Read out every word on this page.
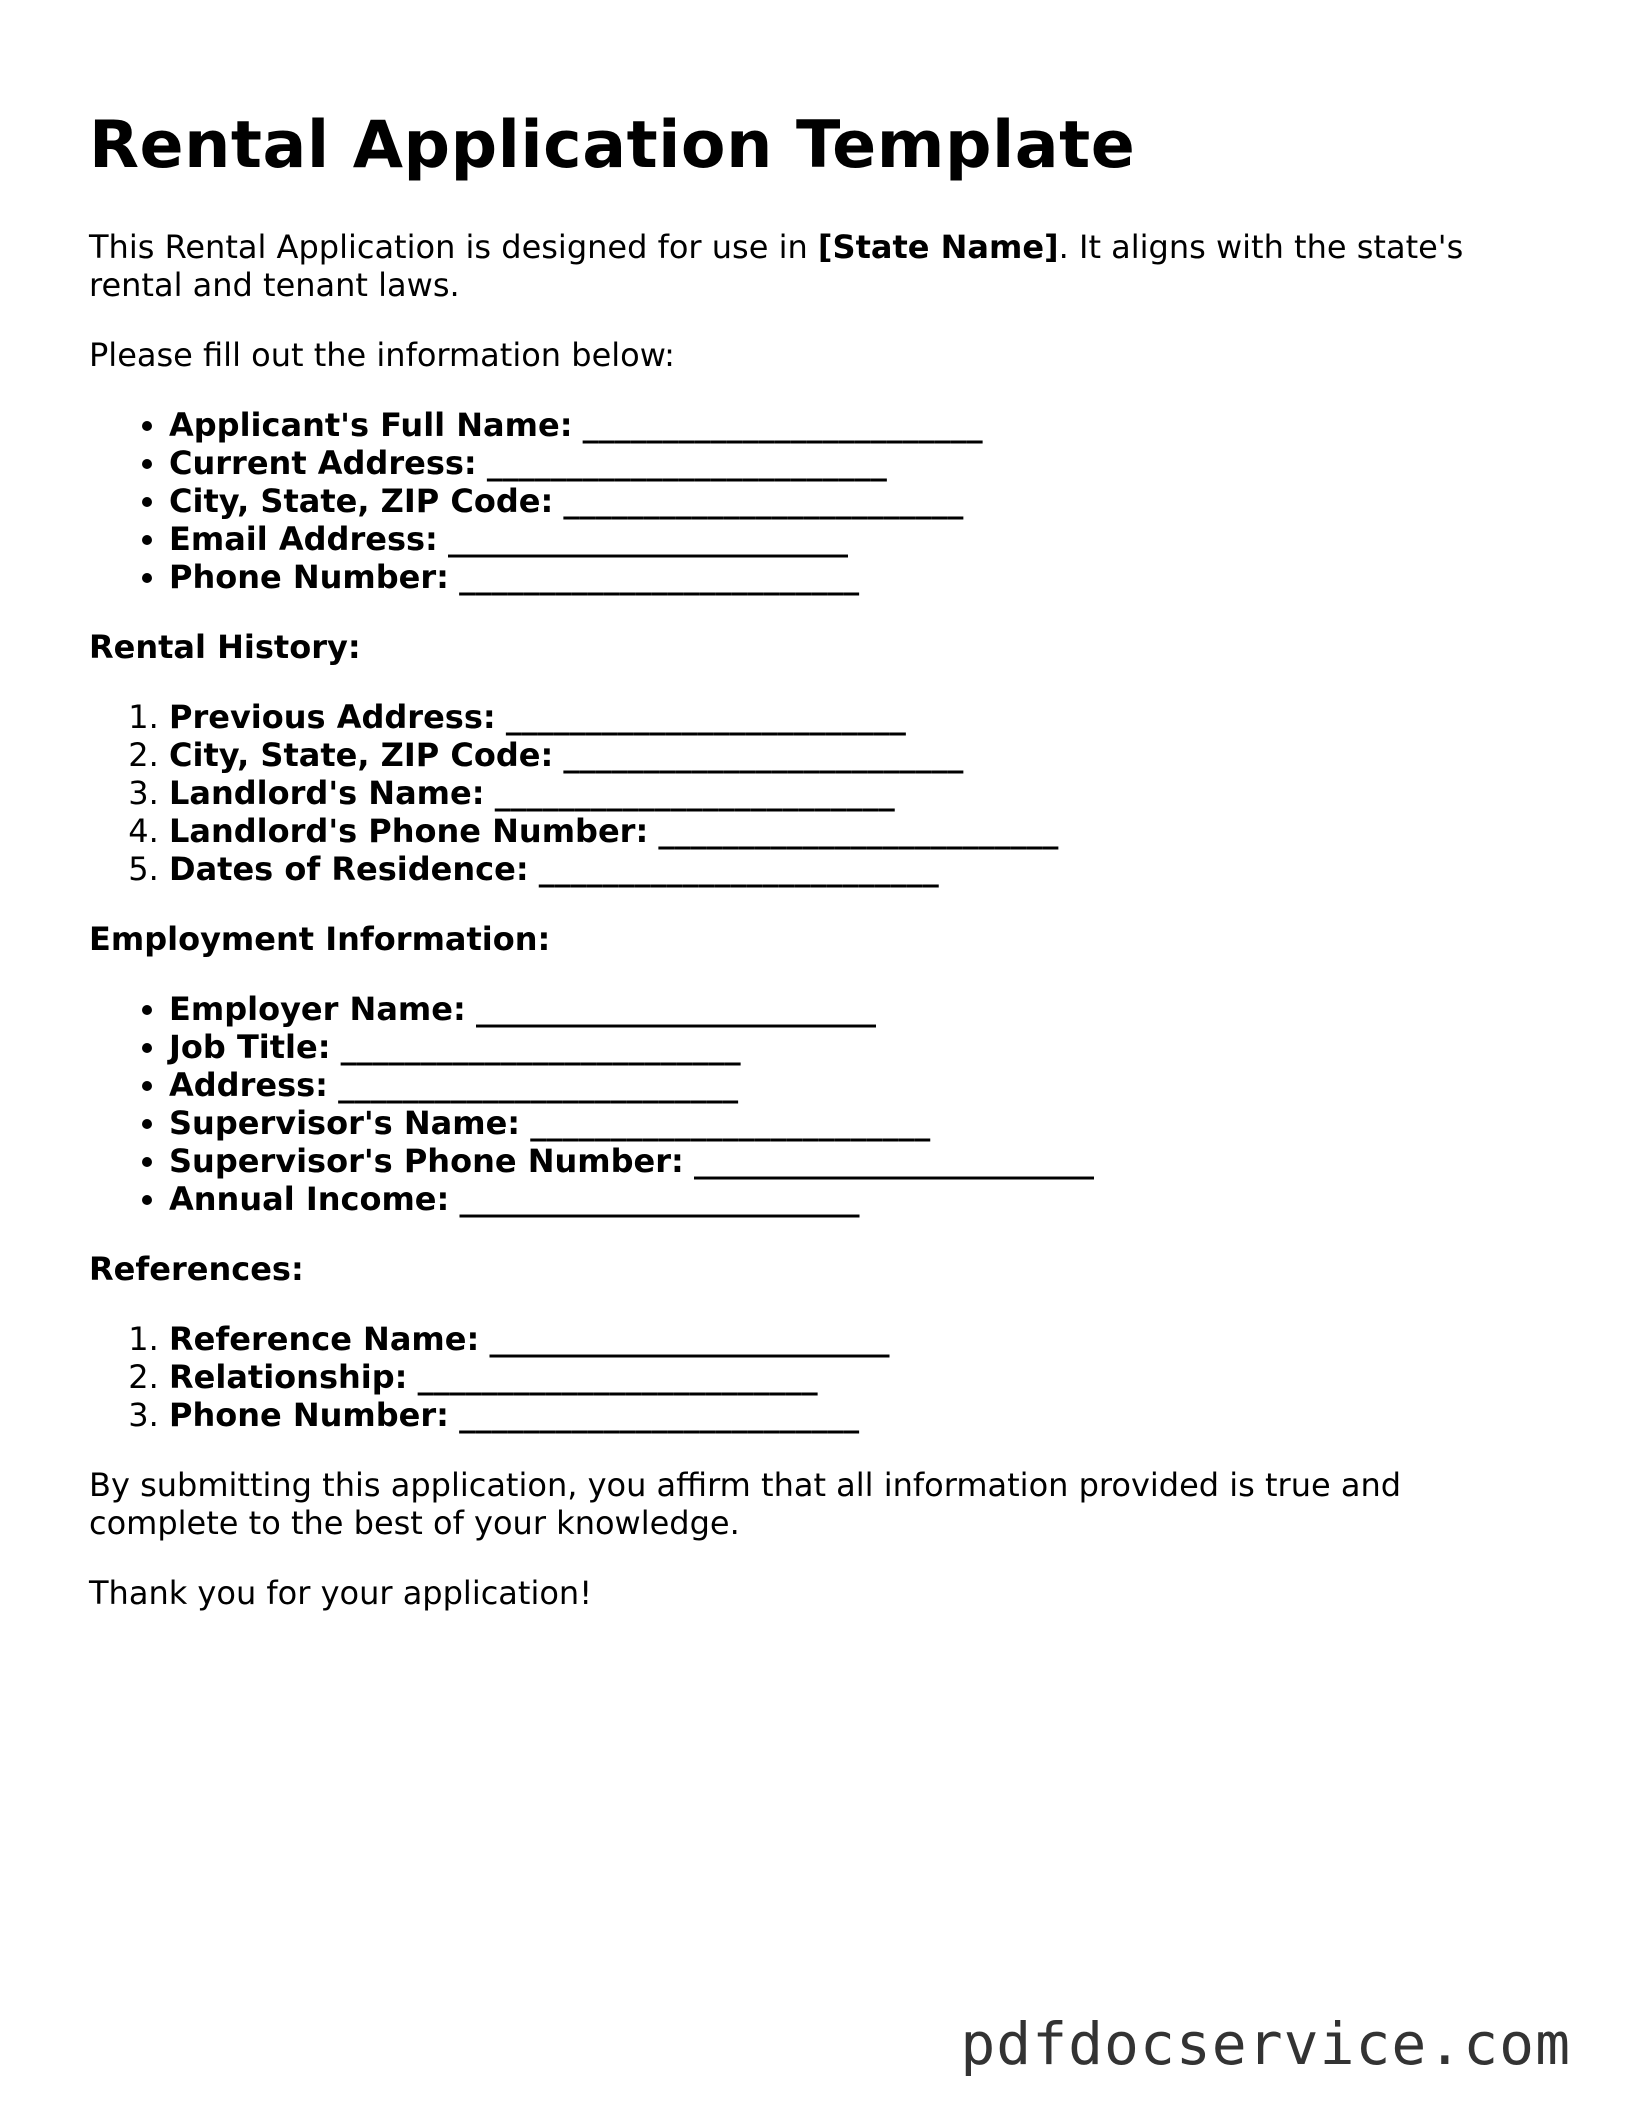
Rental Application Template

This Rental Application is designed for use in [State Name]. It aligns with the state's rental and tenant laws.

Please fill out the information below:

• Applicant's Full Name: _________________________
• Current Address: _________________________
• City, State, ZIP Code: _________________________
• Email Address: _________________________
• Phone Number: _________________________
Rental History:
1. Previous Address: _________________________
2. City, State, ZIP Code: _________________________
3. Landlord's Name: _________________________
4. Landlord's Phone Number: _________________________
5. Dates of Residence: _________________________
Employment Information:
• Employer Name: _________________________
• Job Title: _________________________
• Address: _________________________
• Supervisor's Name: _________________________
• Supervisor's Phone Number: _________________________
• Annual Income: _________________________
References:
1. Reference Name: _________________________
2. Relationship: _________________________
3. Phone Number: _________________________

By submitting this application, you affirm that all information provided is true and complete to the best of your knowledge.

Thank you for your application!

pdfdocservice.com
